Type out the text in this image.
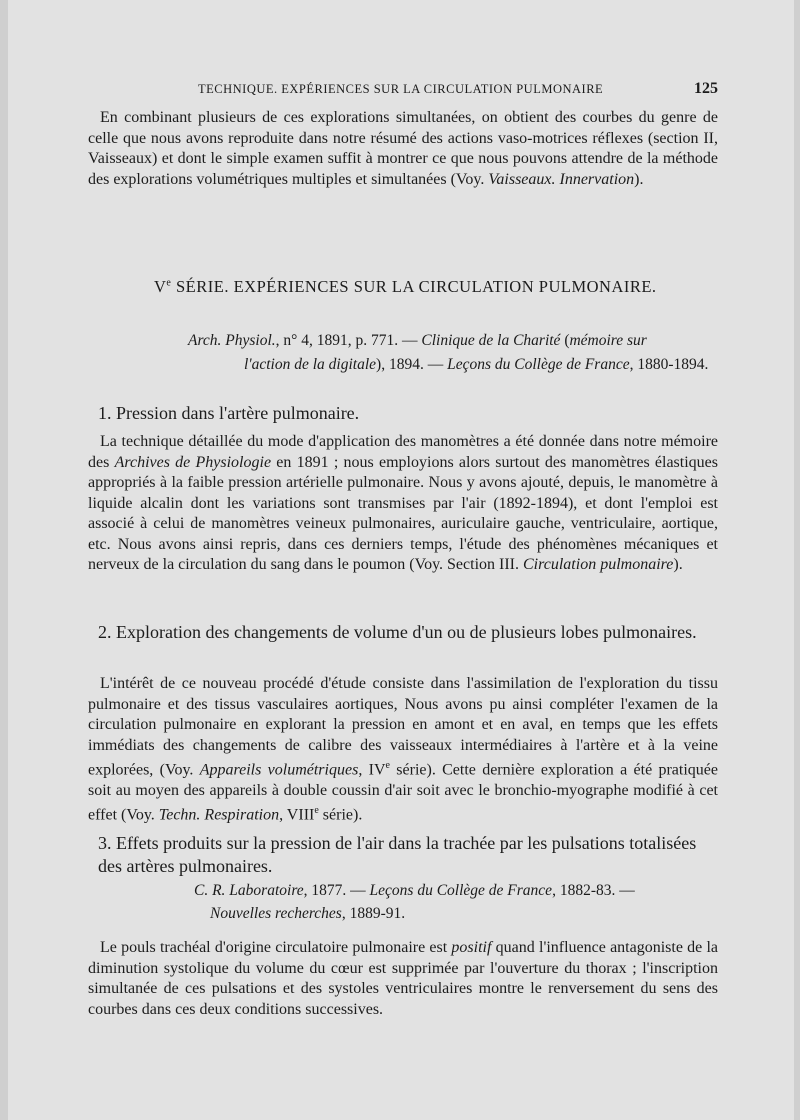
TECHNIQUE. EXPÉRIENCES SUR LA CIRCULATION PULMONAIRE	125
En combinant plusieurs de ces explorations simultanées, on obtient des courbes du genre de celle que nous avons reproduite dans notre résumé des actions vaso-motrices réflexes (section II, Vaisseaux) et dont le simple examen suffit à montrer ce que nous pouvons attendre de la méthode des explorations volumétriques multiples et simultanées (Voy. Vaisseaux. Innervation).
Ve SÉRIE. EXPÉRIENCES SUR LA CIRCULATION PULMONAIRE.
Arch. Physiol., n° 4, 1891, p. 771. — Clinique de la Charité (mémoire sur
l'action de la digitale), 1894. — Leçons du Collège de France, 1880-1894.
1. Pression dans l'artère pulmonaire.
La technique détaillée du mode d'application des manomètres a été donnée dans notre mémoire des Archives de Physiologie en 1891 ; nous employions alors surtout des manomètres élastiques appropriés à la faible pression artérielle pulmonaire. Nous y avons ajouté, depuis, le manomètre à liquide alcalin dont les variations sont transmises par l'air (1892-1894), et dont l'emploi est associé à celui de manomètres veineux pulmonaires, auriculaire gauche, ventriculaire, aortique, etc. Nous avons ainsi repris, dans ces derniers temps, l'étude des phénomènes mécaniques et nerveux de la circulation du sang dans le poumon (Voy. Section III. Circulation pulmonaire).
2. Exploration des changements de volume d'un ou de plusieurs lobes pulmonaires.
L'intérêt de ce nouveau procédé d'étude consiste dans l'assimilation de l'exploration du tissu pulmonaire et des tissus vasculaires aortiques, Nous avons pu ainsi compléter l'examen de la circulation pulmonaire en explorant la pression en amont et en aval, en temps que les effets immédiats des changements de calibre des vaisseaux intermédiaires à l'artère et à la veine explorées, (Voy. Appareils volumétriques, IVe série). Cette dernière exploration a été pratiquée soit au moyen des appareils à double coussin d'air soit avec le bronchio-myographe modifié à cet effet (Voy. Techn. Respiration, VIIIe série).
3. Effets produits sur la pression de l'air dans la trachée par les pulsations totalisées des artères pulmonaires.
C. R. Laboratoire, 1877. — Leçons du Collège de France, 1882-83. —
Nouvelles recherches, 1889-91.
Le pouls trachéal d'origine circulatoire pulmonaire est positif quand l'influence antagoniste de la diminution systolique du volume du cœur est supprimée par l'ouverture du thorax ; l'inscription simultanée de ces pulsations et des systoles ventriculaires montre le renversement du sens des courbes dans ces deux conditions successives.
